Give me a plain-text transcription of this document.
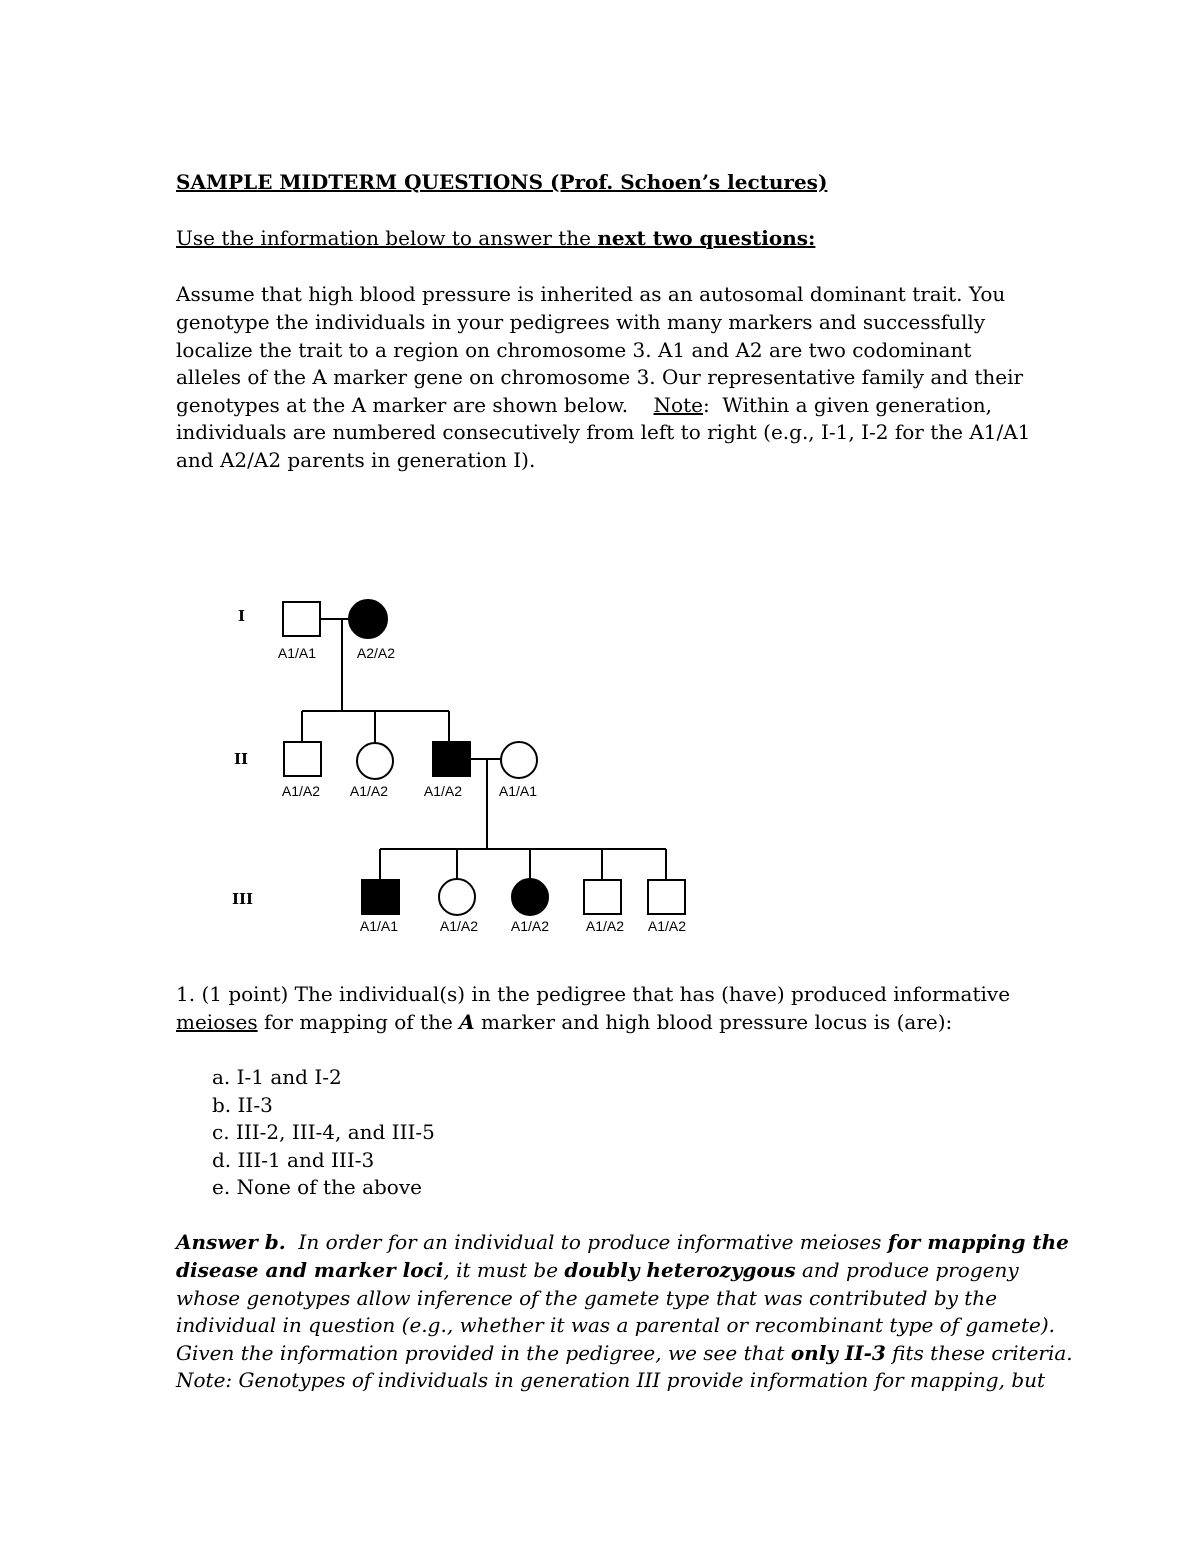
SAMPLE MIDTERM QUESTIONS (Prof. Schoen’s lectures)
Use the information below to answer the next two questions:
Assume that high blood pressure is inherited as an autosomal dominant trait. You
genotype the individuals in your pedigrees with many markers and successfully
localize the trait to a region on chromosome 3. A1 and A2 are two codominant
alleles of the A marker gene on chromosome 3. Our representative family and their
genotypes at the A marker are shown below.    Note:  Within a given generation,
individuals are numbered consecutively from left to right (e.g., I-1, I-2 for the A1/A1
and A2/A2 parents in generation I).
I
II
III
A1/A1	A2/A2
A1/A2 A1/A2	A1/A2	A1/A1
A1/A1	A1/A2 A1/A2	A1/A2 A1/A2
1. (1 point) The individual(s) in the pedigree that has (have) produced informative
meioses for mapping of the A marker and high blood pressure locus is (are):
a. I-1 and I-2
b. II-3
c. III-2, III-4, and III-5
d. III-1 and III-3
e. None of the above
Answer b.  In order for an individual to produce informative meioses for mapping the
disease and marker loci, it must be doubly heterozygous and produce progeny
whose genotypes allow inference of the gamete type that was contributed by the
individual in question (e.g., whether it was a parental or recombinant type of gamete).
Given the information provided in the pedigree, we see that only II-3 fits these criteria.
Note: Genotypes of individuals in generation III provide information for mapping, but
